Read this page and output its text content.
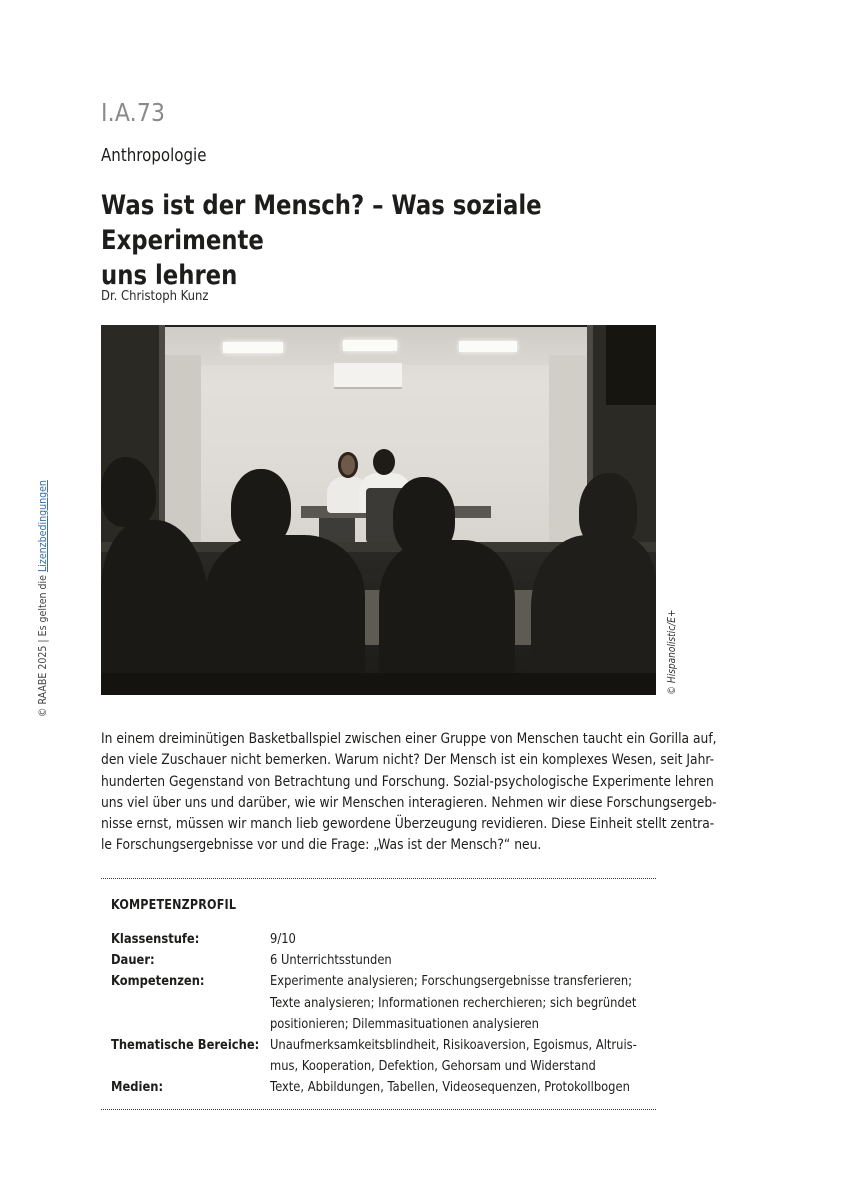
I.A.73
Anthropologie
Was ist der Mensch? – Was soziale Experimente
uns lehren
Dr. Christoph Kunz
© RAABE 2025 | Es gelten die Lizenzbedingungen
© Hispanolistic/E+

In einem dreiminütigen Basketballspiel zwischen einer Gruppe von Menschen taucht ein Gorilla auf,
den viele Zuschauer nicht bemerken. Warum nicht? Der Mensch ist ein komplexes Wesen, seit Jahr-
hunderten Gegenstand von Betrachtung und Forschung. Sozial-psychologische Experimente lehren
uns viel über uns und darüber, wie wir Menschen interagieren. Nehmen wir diese Forschungsergeb-
nisse ernst, müssen wir manch lieb gewordene Überzeugung revidieren. Diese Einheit stellt zentra-
le Forschungsergebnisse vor und die Frage: „Was ist der Mensch?“ neu.

KOMPETENZPROFIL
Klassenstufe:	9/10
Dauer:	6 Unterrichtsstunden
Kompetenzen:	Experimente analysieren; Forschungsergebnisse transferieren;
Texte analysieren; Informationen recherchieren; sich begründet
positionieren; Dilemmasituationen analysieren
Thematische Bereiche: Unaufmerksamkeitsblindheit, Risikoaversion, Egoismus, Altruis-
mus, Kooperation, Defektion, Gehorsam und Widerstand
Medien:	Texte, Abbildungen, Tabellen, Videosequenzen, Protokollbogen
